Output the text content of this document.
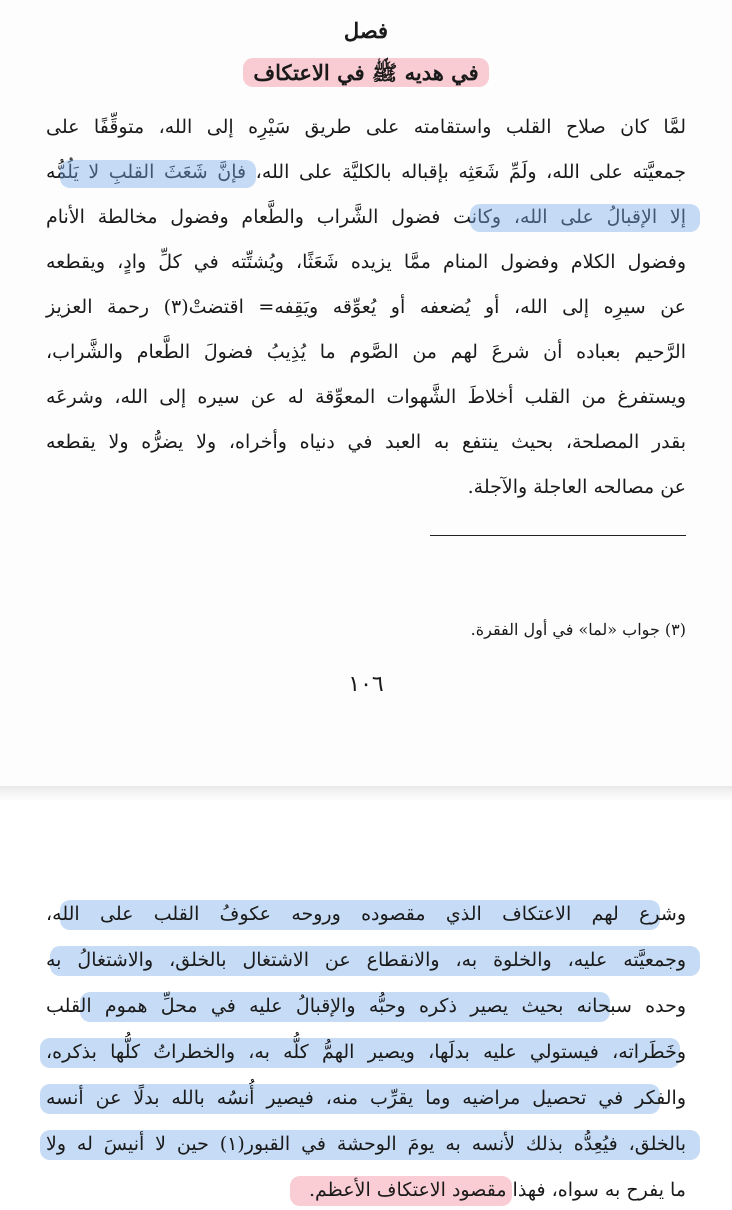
فصل
في هديه ﷺ في الاعتكاف
لمَّا كان صلاح القلب واستقامته على طريق سَيْرِه إلى الله، متوقِّفًا على
جمعيَّته على الله، ولَمِّ شَعَثِه بإقباله بالكليَّة على الله، فإنَّ شَعَثَ القلبِ لا يَلُمُّه
إلا الإقبالُ على الله، وكانت فضول الشَّراب والطَّعام وفضول مخالطة الأنام
وفضول الكلام وفضول المنام ممَّا يزيده شَعَثًا، ويُشتِّته في كلِّ وادٍ، ويقطعه
عن سيرِه إلى الله، أو يُضعفه أو يُعوِّقه ويَقِفه= اقتضتْ(٣) رحمة العزيز
الرَّحيم بعباده أن شرعَ لهم من الصَّوم ما يُذِيبُ فضولَ الطَّعام والشَّراب،
ويستفرغ من القلب أخلاطَ الشَّهوات المعوِّقة له عن سيره إلى الله، وشرعَه
بقدر المصلحة، بحيث ينتفع به العبد في دنياه وأخراه، ولا يضرُّه ولا يقطعه
عن مصالحه العاجلة والآجلة.
(٣) جواب «لما» في أول الفقرة.
١٠٦
وشرع لهم الاعتكاف الذي مقصوده وروحه عكوفُ القلب على الله،
وجمعيَّته عليه، والخلوة به، والانقطاع عن الاشتغال بالخلق، والاشتغالُ به
وحده سبحانه بحيث يصير ذكره وحبُّه والإقبالُ عليه في محلِّ هموم القلب
وخَطَراته، فيستولي عليه بدلَها، ويصير الهمُّ كلُّه به، والخطراتُ كلُّها بذكره،
والفكر في تحصيل مراضيه وما يقرِّب منه، فيصير أُنسُه بالله بدلًا عن أنسه
بالخلق، فيُعِدُّه بذلك لأنسه به يومَ الوحشة في القبور(١) حين لا أنيسَ له ولا
ما يفرح به سواه، فهذا مقصود الاعتكاف الأعظم.
